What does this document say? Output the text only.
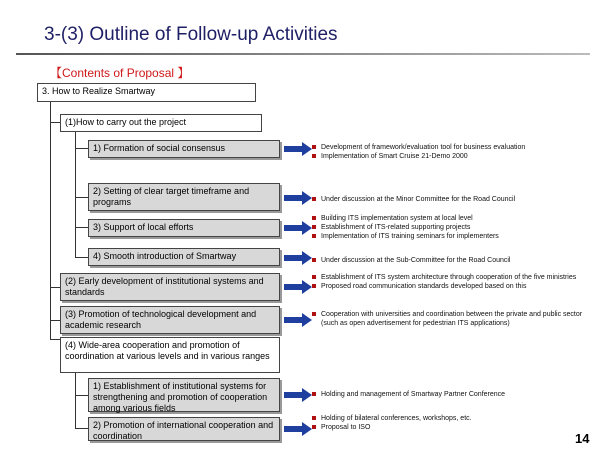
3-(3) Outline of Follow-up Activities
【Contents of Proposal 】
3. How to Realize Smartway
(1)How to carry out the project
1) Formation of social consensus
2) Setting of clear target timeframe and programs
3) Support of local efforts
4) Smooth introduction of Smartway
(2) Early development of institutional systems and standards
(3) Promotion of technological development and academic research
(4) Wide-area cooperation and promotion of coordination at various levels and in various ranges
1) Establishment of institutional systems for strengthening and promotion of cooperation among various fields
2) Promotion of international cooperation and coordination
Development of framework/evaluation tool for business evaluation
Implementation of Smart Cruise 21-Demo 2000
Under discussion at the Minor Committee for the Road Council
Building ITS implementation system at local level
Establishment of ITS-related supporting projects
Implementation of ITS training seminars for implementers
Under discussion at the Sub-Committee for the Road Council
Establishment of ITS system architecture through cooperation of the five ministries
Proposed road communication standards developed based on this
Cooperation with universities and coordination between the private and public sector (such as open advertisement for pedestrian ITS applications)
Holding and management of Smartway Partner Conference
Holding of bilateral conferences, workshops, etc.
Proposal to ISO
14
